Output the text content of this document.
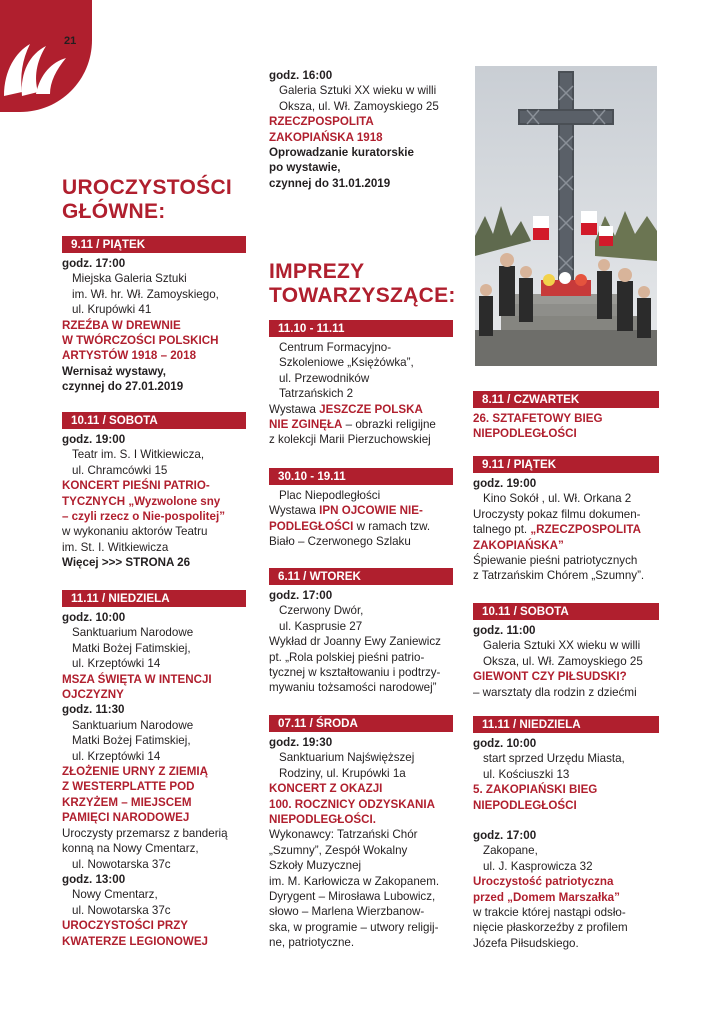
21
UROCZYSTOŚCI
GŁÓWNE:
9.11 / PIĄTEK

godz. 17:00

Miejska Galeria Sztuki

im. Wł. hr. Wł. Zamoyskiego,

ul. Krupówki 41

RZEŹBA W DREWNIE

W TWÓRCZOŚCI POLSKICH

ARTYSTÓW 1918 – 2018

Wernisaż wystawy,

czynnej do 27.01.2019

10.11 / SOBOTA

godz. 19:00

Teatr im. S. I Witkiewicza,

ul. Chramcówki 15

KONCERT PIEŚNI PATRIO-

TYCZNYCH „Wyzwolone sny

– czyli rzecz o Nie-pospolitej”

w wykonaniu aktorów Teatru

im. St. I. Witkiewicza

Więcej >>> STRONA 26

11.11 / NIEDZIELA

godz. 10:00

Sanktuarium Narodowe

Matki Bożej Fatimskiej,

ul. Krzeptówki 14

MSZA ŚWIĘTA W INTENCJI

OJCZYZNY

godz. 11:30

Sanktuarium Narodowe

Matki Bożej Fatimskiej,

ul. Krzeptówki 14

ZŁOŻENIE URNY Z ZIEMIĄ

Z WESTERPLATTE POD

KRZYŻEM – MIEJSCEM

PAMIĘCI NARODOWEJ

Uroczysty przemarsz z banderią

konną na Nowy Cmentarz,

ul. Nowotarska 37c

godz. 13:00

Nowy Cmentarz,

ul. Nowotarska 37c

UROCZYSTOŚCI PRZY

KWATERZE LEGIONOWEJ

godz. 16:00

Galeria Sztuki XX wieku w willi

Oksza, ul. Wł. Zamoyskiego 25

RZECZPOSPOLITA

ZAKOPIAŃSKA 1918

Oprowadzanie kuratorskie

po wystawie,

czynnej do 31.01.2019

IMPREZY
TOWARZYSZĄCE:
11.10 - 11.11

Centrum Formacyjno-

Szkoleniowe „Księżówka”,

ul. Przewodników

Tatrzańskich 2

Wystawa JESZCZE POLSKA

NIE ZGINĘŁA – obrazki religijne

z kolekcji Marii Pierzuchowskiej

30.10 - 19.11

Plac Niepodległości

Wystawa IPN OJCOWIE NIE-

PODLEGŁOŚCI w ramach tzw.

Biało – Czerwonego Szlaku

6.11 / WTOREK

godz. 17:00

Czerwony Dwór,

ul. Kasprusie 27

Wykład dr Joanny Ewy Zaniewicz

pt. „Rola polskiej pieśni patrio-

tycznej w kształtowaniu i podtrzy-

mywaniu tożsamości narodowej”

07.11 / ŚRODA

godz. 19:30

Sanktuarium Najświęższej

Rodziny, ul. Krupówki 1a

KONCERT Z OKAZJI

100. ROCZNICY ODZYSKANIA

NIEPODLEGŁOŚCI.

Wykonawcy: Tatrzański Chór

„Szumny”, Zespół Wokalny

Szkoły Muzycznej

im. M. Karłowicza w Zakopanem.

Dyrygent – Mirosława Lubowicz,

słowo – Marlena Wierzbanow-

ska, w programie – utwory religij-

ne, patriotyczne.

8.11 / CZWARTEK

26. SZTAFETOWY BIEG

NIEPODLEGŁOŚCI

9.11 / PIĄTEK

godz. 19:00

Kino Sokół , ul. Wł. Orkana 2

Uroczysty pokaz filmu dokumen-

talnego pt. „RZECZPOSPOLITA

ZAKOPIAŃSKA”

Śpiewanie pieśni patriotycznych

z Tatrzańskim Chórem „Szumny”.

10.11 / SOBOTA

godz. 11:00

Galeria Sztuki XX wieku w willi

Oksza, ul. Wł. Zamoyskiego 25

GIEWONT CZY PIŁSUDSKI?

– warsztaty dla rodzin z dziećmi

11.11 / NIEDZIELA

godz. 10:00

start sprzed Urzędu Miasta,

ul. Kościuszki 13

5. ZAKOPIAŃSKI BIEG

NIEPODLEGŁOŚCI

godz. 17:00

Zakopane,

ul. J. Kasprowicza 32

Uroczystość patriotyczna

przed „Domem Marszałka”

w trakcie której nastąpi odsło-

nięcie płaskorzeźby z profilem

Józefa Piłsudskiego.
